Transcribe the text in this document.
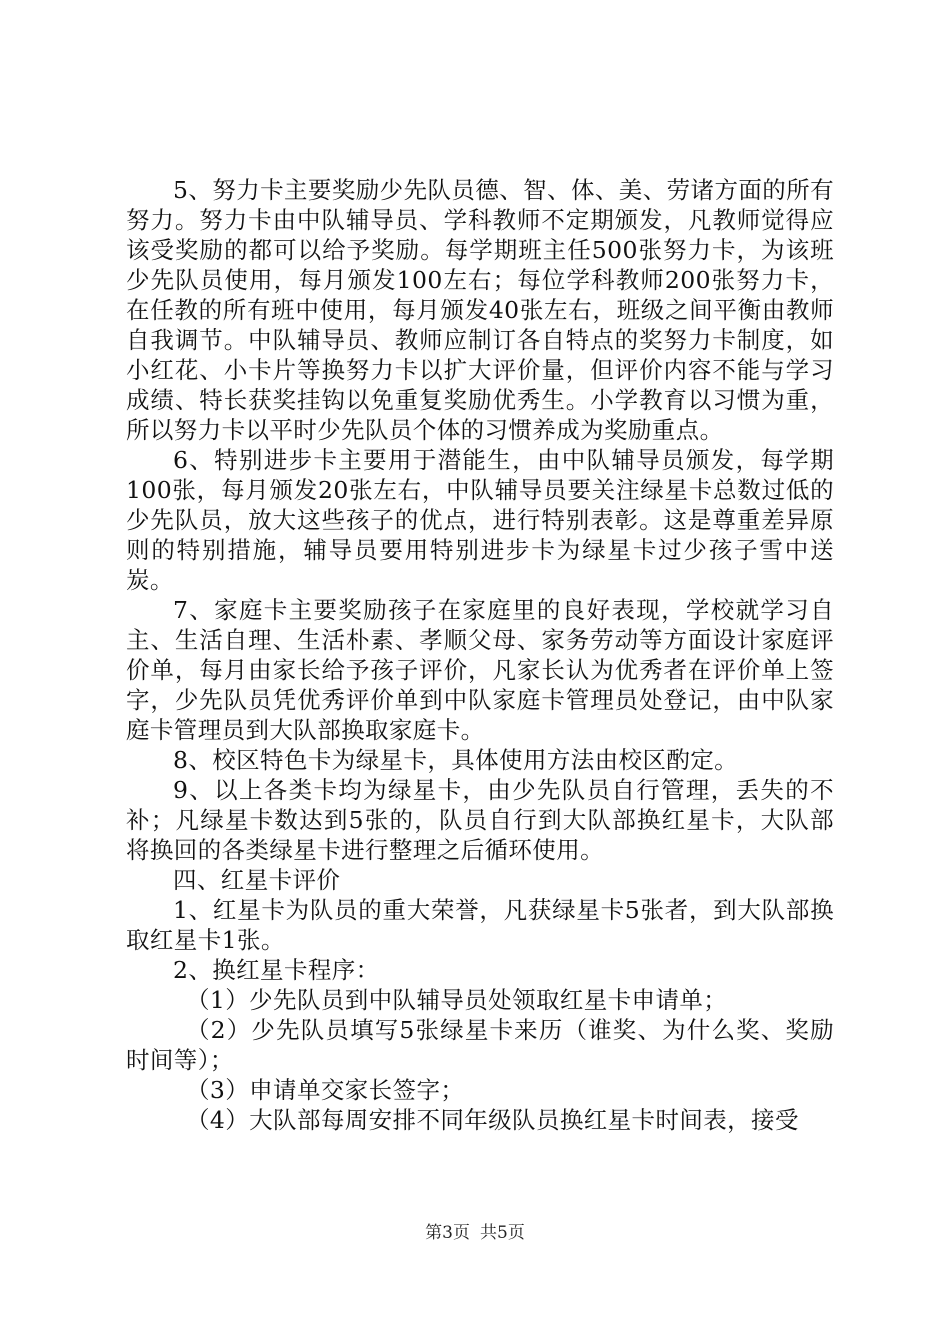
5、努力卡主要奖励少先队员德、智、体、美、劳诸方面的所有努力。努力卡由中队辅导员、学科教师不定期颁发，凡教师觉得应该受奖励的都可以给予奖励。每学期班主任500张努力卡，为该班少先队员使用，每月颁发100左右；每位学科教师200张努力卡，在任教的所有班中使用，每月颁发40张左右，班级之间平衡由教师自我调节。中队辅导员、教师应制订各自特点的奖努力卡制度，如小红花、小卡片等换努力卡以扩大评价量，但评价内容不能与学习成绩、特长获奖挂钩以免重复奖励优秀生。小学教育以习惯为重，所以努力卡以平时少先队员个体的习惯养成为奖励重点。

6、特别进步卡主要用于潜能生，由中队辅导员颁发，每学期100张，每月颁发20张左右，中队辅导员要关注绿星卡总数过低的少先队员，放大这些孩子的优点，进行特别表彰。这是尊重差异原则的特别措施，辅导员要用特别进步卡为绿星卡过少孩子雪中送炭。

7、家庭卡主要奖励孩子在家庭里的良好表现，学校就学习自主、生活自理、生活朴素、孝顺父母、家务劳动等方面设计家庭评价单，每月由家长给予孩子评价，凡家长认为优秀者在评价单上签字，少先队员凭优秀评价单到中队家庭卡管理员处登记，由中队家庭卡管理员到大队部换取家庭卡。

8、校区特色卡为绿星卡，具体使用方法由校区酌定。

9、以上各类卡均为绿星卡，由少先队员自行管理，丢失的不补；凡绿星卡数达到5张的，队员自行到大队部换红星卡，大队部将换回的各类绿星卡进行整理之后循环使用。

四、红星卡评价

1、红星卡为队员的重大荣誉，凡获绿星卡5张者，到大队部换取红星卡1张。

2、换红星卡程序：

（1）少先队员到中队辅导员处领取红星卡申请单；

（2）少先队员填写5张绿星卡来历（谁奖、为什么奖、奖励时间等）；

（3）申请单交家长签字；

（4）大队部每周安排不同年级队员换红星卡时间表，接受

第3页 共5页
